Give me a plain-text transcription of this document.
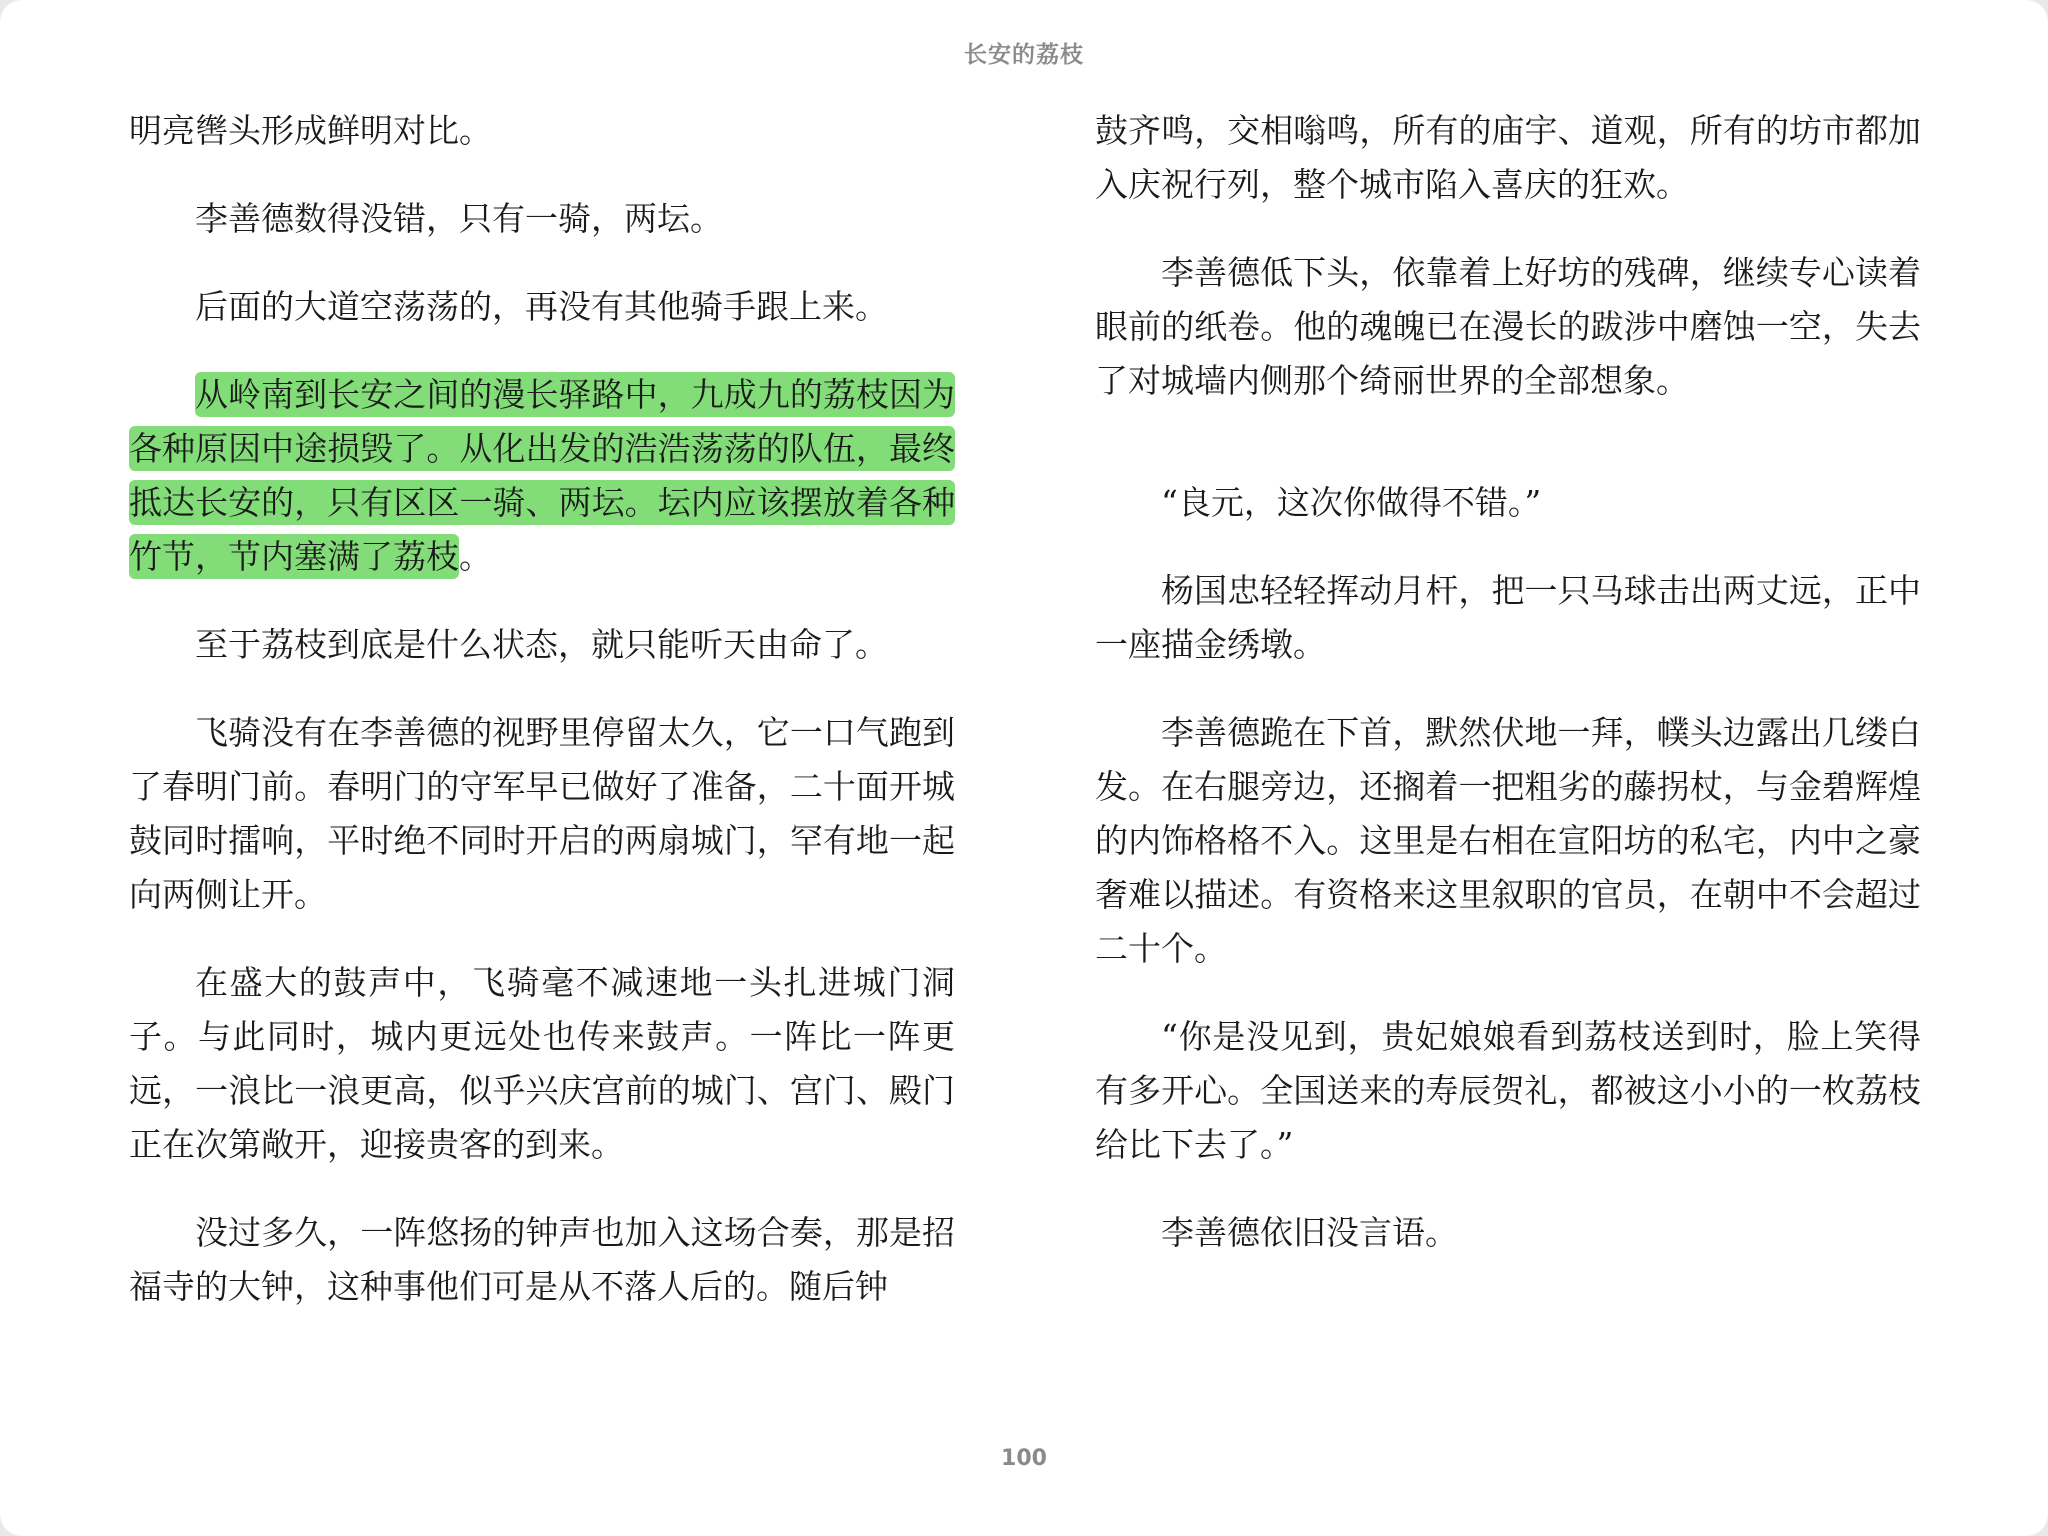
长安的荔枝

明亮辔头形成鲜明对比。

李善德数得没错，只有一骑，两坛。

后面的大道空荡荡的，再没有其他骑手跟上来。

从岭南到长安之间的漫长驿路中，九成九的荔枝因为各种原因中途损毁了。从化出发的浩浩荡荡的队伍，最终抵达长安的，只有区区一骑、两坛。坛内应该摆放着各种竹节，节内塞满了荔枝。

至于荔枝到底是什么状态，就只能听天由命了。

飞骑没有在李善德的视野里停留太久，它一口气跑到了春明门前。春明门的守军早已做好了准备，二十面开城鼓同时擂响，平时绝不同时开启的两扇城门，罕有地一起向两侧让开。

在盛大的鼓声中，飞骑毫不减速地一头扎进城门洞子。与此同时，城内更远处也传来鼓声。一阵比一阵更远，一浪比一浪更高，似乎兴庆宫前的城门、宫门、殿门正在次第敞开，迎接贵客的到来。

没过多久，一阵悠扬的钟声也加入这场合奏，那是招福寺的大钟，这种事他们可是从不落人后的。随后钟

鼓齐鸣，交相嗡鸣，所有的庙宇、道观，所有的坊市都加入庆祝行列，整个城市陷入喜庆的狂欢。

李善德低下头，依靠着上好坊的残碑，继续专心读着眼前的纸卷。他的魂魄已在漫长的跋涉中磨蚀一空，失去了对城墙内侧那个绮丽世界的全部想象。

“良元，这次你做得不错。”

杨国忠轻轻挥动月杆，把一只马球击出两丈远，正中一座描金绣墩。

李善德跪在下首，默然伏地一拜，幞头边露出几缕白发。在右腿旁边，还搁着一把粗劣的藤拐杖，与金碧辉煌的内饰格格不入。这里是右相在宣阳坊的私宅，内中之豪奢难以描述。有资格来这里叙职的官员，在朝中不会超过二十个。

“你是没见到，贵妃娘娘看到荔枝送到时，脸上笑得有多开心。全国送来的寿辰贺礼，都被这小小的一枚荔枝给比下去了。”

李善德依旧没言语。

100
